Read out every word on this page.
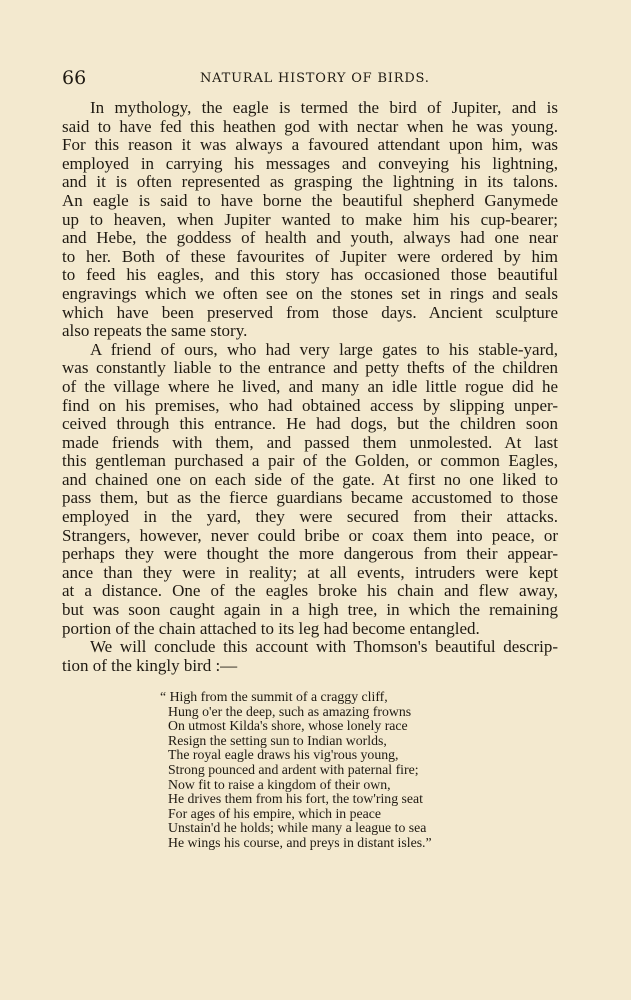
66	NATURAL HISTORY OF BIRDS.
In mythology, the eagle is termed the bird of Jupiter, and is
said to have fed this heathen god with nectar when he was young.
For this reason it was always a favoured attendant upon him, was
employed in carrying his messages and conveying his lightning,
and it is often represented as grasping the lightning in its talons.
An eagle is said to have borne the beautiful shepherd Ganymede
up to heaven, when Jupiter wanted to make him his cup-bearer;
and Hebe, the goddess of health and youth, always had one near
to her. Both of these favourites of Jupiter were ordered by him
to feed his eagles, and this story has occasioned those beautiful
engravings which we often see on the stones set in rings and seals
which have been preserved from those days. Ancient sculpture
also repeats the same story.
A friend of ours, who had very large gates to his stable-yard,
was constantly liable to the entrance and petty thefts of the children
of the village where he lived, and many an idle little rogue did he
find on his premises, who had obtained access by slipping unper-
ceived through this entrance. He had dogs, but the children soon
made friends with them, and passed them unmolested. At last
this gentleman purchased a pair of the Golden, or common Eagles,
and chained one on each side of the gate. At first no one liked to
pass them, but as the fierce guardians became accustomed to those
employed in the yard, they were secured from their attacks.
Strangers, however, never could bribe or coax them into peace, or
perhaps they were thought the more dangerous from their appear-
ance than they were in reality; at all events, intruders were kept
at a distance. One of the eagles broke his chain and flew away,
but was soon caught again in a high tree, in which the remaining
portion of the chain attached to its leg had become entangled.
We will conclude this account with Thomson's beautiful descrip-
tion of the kingly bird :—
“ High from the summit of a craggy cliff,
Hung o'er the deep, such as amazing frowns
On utmost Kilda's shore, whose lonely race
Resign the setting sun to Indian worlds,
The royal eagle draws his vig'rous young,
Strong pounced and ardent with paternal fire;
Now fit to raise a kingdom of their own,
He drives them from his fort, the tow'ring seat
For ages of his empire, which in peace
Unstain'd he holds; while many a league to sea
He wings his course, and preys in distant isles.”
